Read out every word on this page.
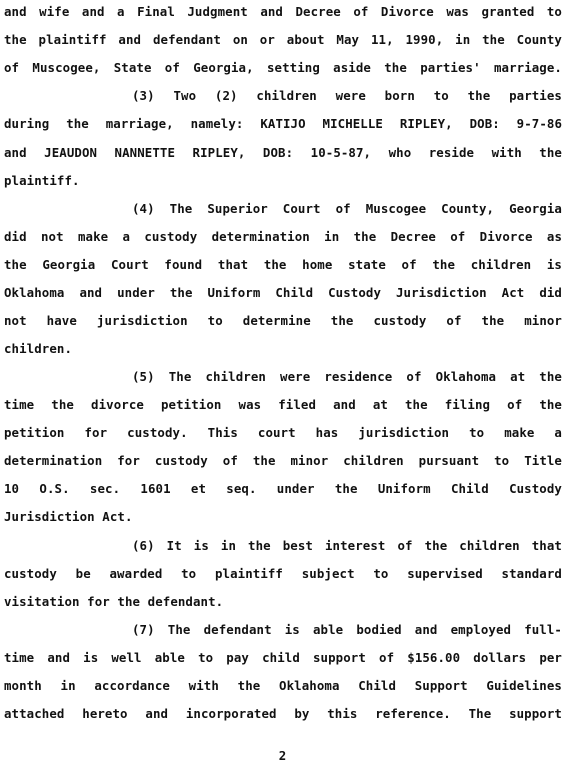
and wife and a Final Judgment and Decree of Divorce was granted to
the plaintiff and defendant on or about May 11, 1990, in the County
of Muscogee, State of Georgia, setting aside the parties' marriage.
(3) Two (2) children were born to the parties
during the marriage, namely: KATIJO MICHELLE RIPLEY, DOB: 9-7-86
and JEAUDON NANNETTE RIPLEY, DOB: 10-5-87, who reside with the
plaintiff.
(4) The Superior Court of Muscogee County, Georgia
did not make a custody determination in the Decree of Divorce as
the Georgia Court found that the home state of the children is
Oklahoma and under the Uniform Child Custody Jurisdiction Act did
not have jurisdiction to determine the custody of the minor
children.
(5) The children were residence of Oklahoma at the
time the divorce petition was filed and at the filing of the
petition for custody. This court has jurisdiction to make a
determination for custody of the minor children pursuant to Title
10 O.S. sec. 1601 et seq. under the Uniform Child Custody
Jurisdiction Act.
(6) It is in the best interest of the children that
custody be awarded to plaintiff subject to supervised standard
visitation for the defendant.
(7) The defendant is able bodied and employed full-
time and is well able to pay child support of $156.00 dollars per
month in accordance with the Oklahoma Child Support Guidelines
attached hereto and incorporated by this reference. The support
2
